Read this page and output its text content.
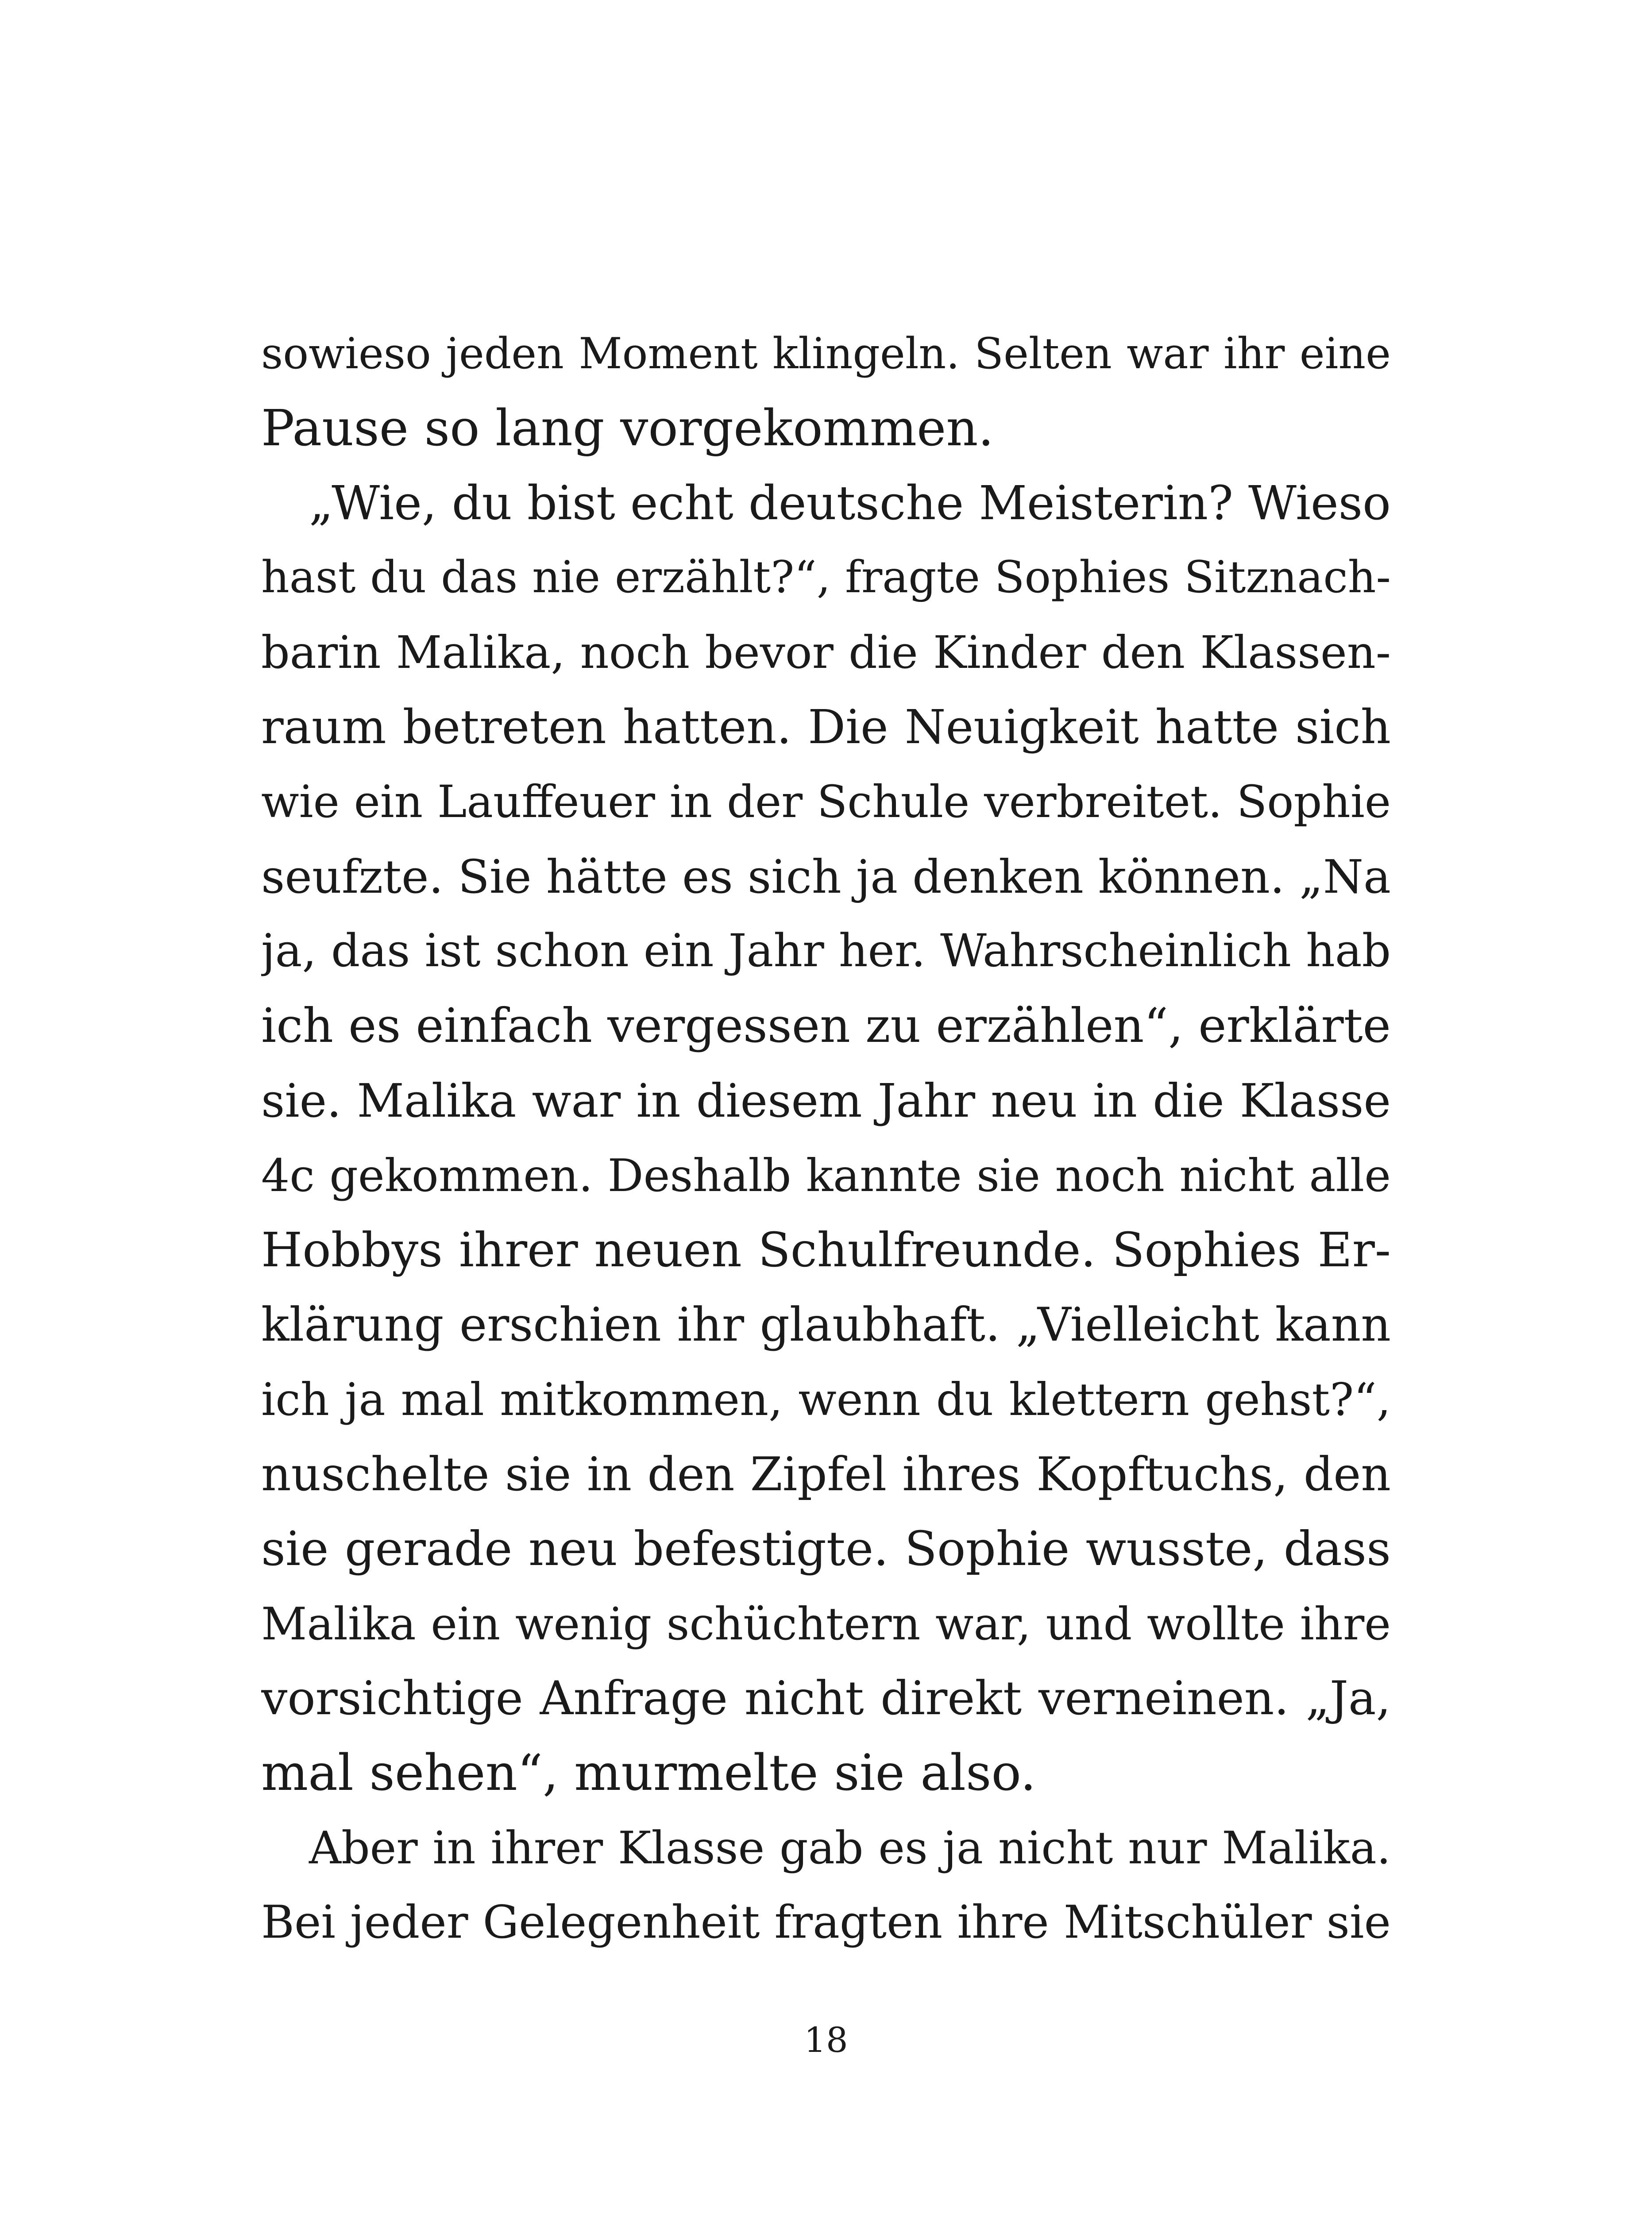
sowieso jeden Moment klingeln. Selten war ihr eine
Pause so lang vorgekommen.
„Wie, du bist echt deutsche Meisterin? Wieso
hast du das nie erzählt?“, fragte Sophies Sitznach-
barin Malika, noch bevor die Kinder den Klassen-
raum betreten hatten. Die Neuigkeit hatte sich
wie ein Lauffeuer in der Schule verbreitet. Sophie
seufzte. Sie hätte es sich ja denken können. „Na
ja, das ist schon ein Jahr her. Wahrscheinlich hab
ich es einfach vergessen zu erzählen“, erklärte
sie. Malika war in diesem Jahr neu in die Klasse
4c gekommen. Deshalb kannte sie noch nicht alle
Hobbys ihrer neuen Schulfreunde. Sophies Er-
klärung erschien ihr glaubhaft. „Vielleicht kann
ich ja mal mitkommen, wenn du klettern gehst?“,
nuschelte sie in den Zipfel ihres Kopftuchs, den
sie gerade neu befestigte. Sophie wusste, dass
Malika ein wenig schüchtern war, und wollte ihre
vorsichtige Anfrage nicht direkt verneinen. „Ja,
mal sehen“, murmelte sie also.
Aber in ihrer Klasse gab es ja nicht nur Malika.
Bei jeder Gelegenheit fragten ihre Mitschüler sie
18
